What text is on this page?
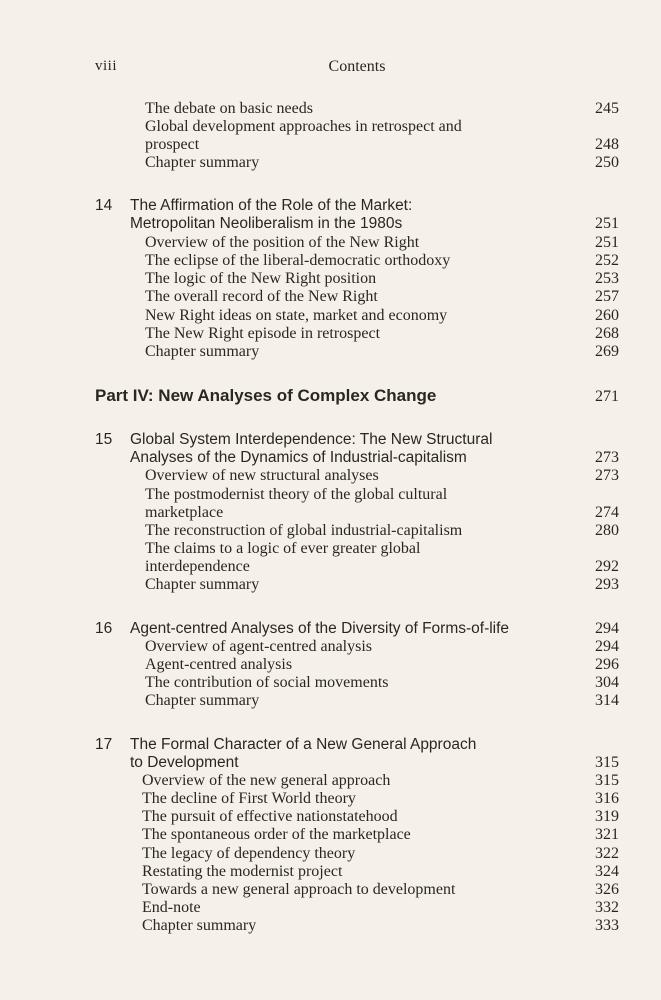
viii	Contents
The debate on basic needs	245
Global development approaches in retrospect and
prospect	248
Chapter summary	250
14 The Affirmation of the Role of the Market:
Metropolitan Neoliberalism in the 1980s	251
Overview of the position of the New Right	251
The eclipse of the liberal-democratic orthodoxy	252
The logic of the New Right position	253
The overall record of the New Right	257
New Right ideas on state, market and economy	260
The New Right episode in retrospect	268
Chapter summary	269
Part IV: New Analyses of Complex Change	271
15 Global System Interdependence: The New Structural
Analyses of the Dynamics of Industrial-capitalism	273
Overview of new structural analyses	273
The postmodernist theory of the global cultural
marketplace	274
The reconstruction of global industrial-capitalism	280
The claims to a logic of ever greater global
interdependence	292
Chapter summary	293
16 Agent-centred Analyses of the Diversity of Forms-of-life	294
Overview of agent-centred analysis	294
Agent-centred analysis	296
The contribution of social movements	304
Chapter summary	314
17 The Formal Character of a New General Approach
to Development	315
Overview of the new general approach	315
The decline of First World theory	316
The pursuit of effective nationstatehood	319
The spontaneous order of the marketplace	321
The legacy of dependency theory	322
Restating the modernist project	324
Towards a new general approach to development	326
End-note	332
Chapter summary	333
